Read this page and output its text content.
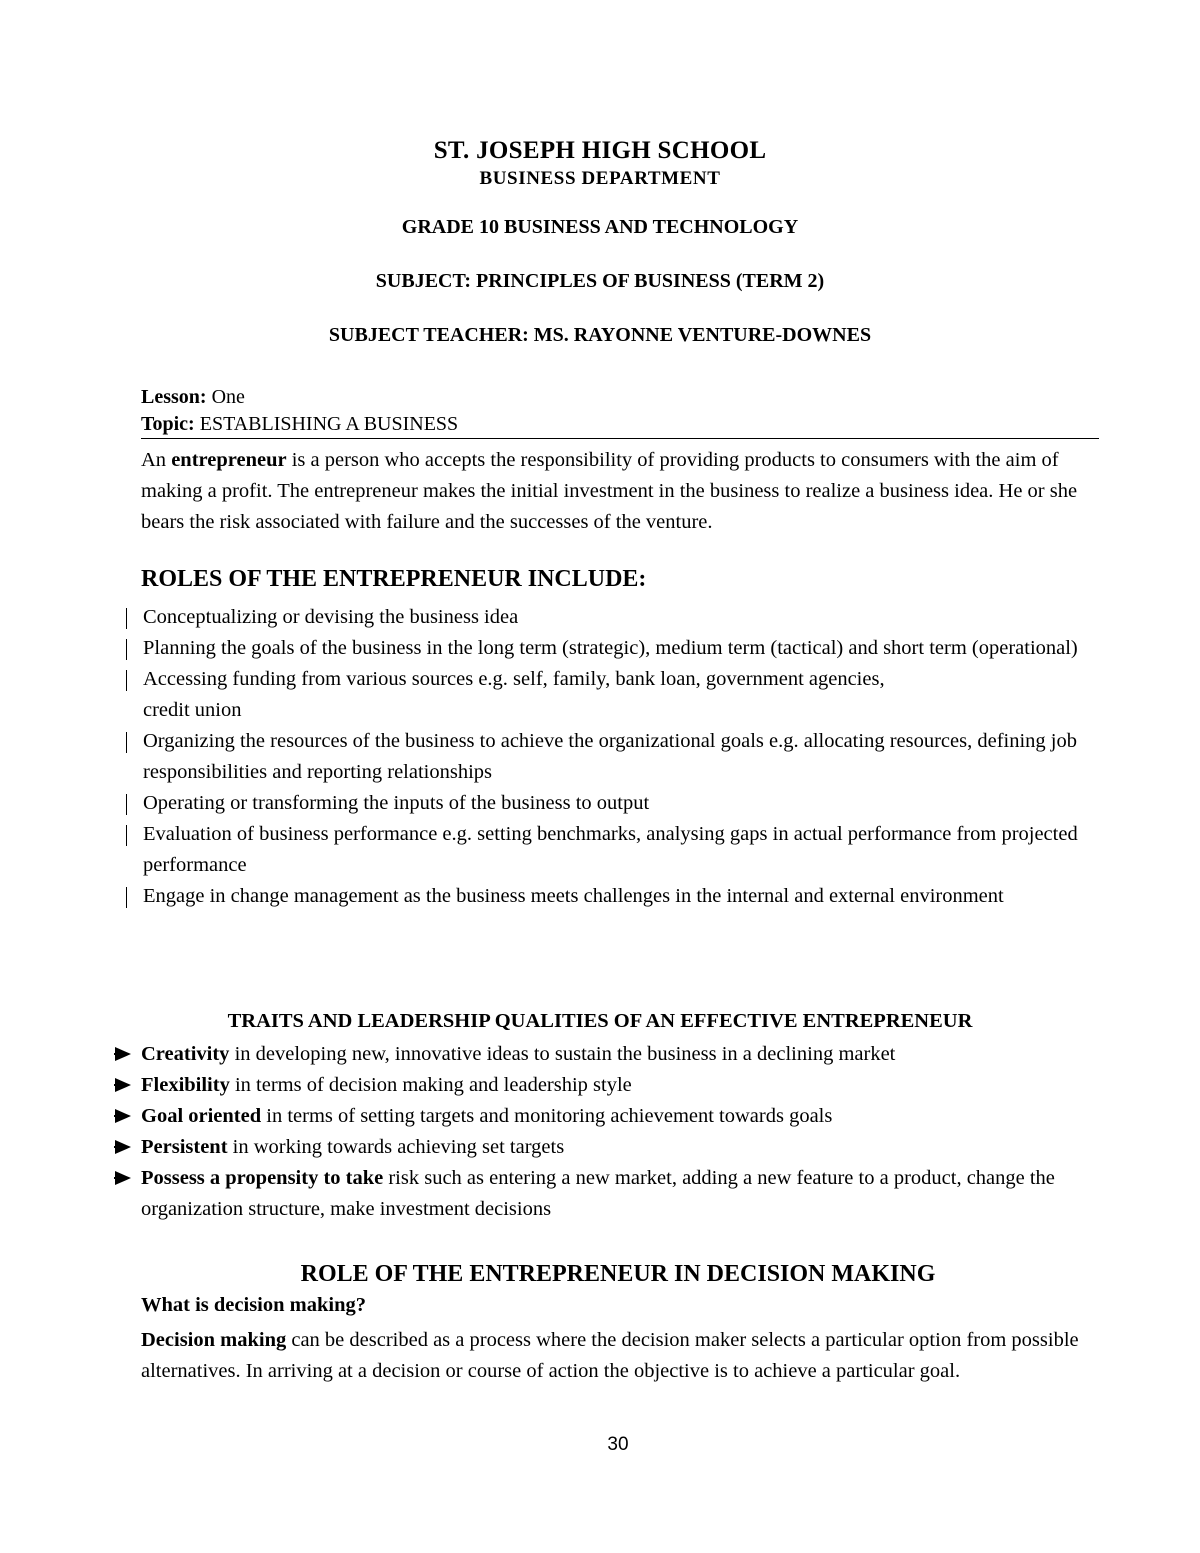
ST. JOSEPH HIGH SCHOOL
BUSINESS DEPARTMENT
GRADE 10 BUSINESS AND TECHNOLOGY
SUBJECT: PRINCIPLES OF BUSINESS (TERM 2)
SUBJECT TEACHER: MS. RAYONNE VENTURE-DOWNES
Lesson: One
Topic: ESTABLISHING A BUSINESS
An entrepreneur is a person who accepts the responsibility of providing products to consumers with the aim of making a profit. The entrepreneur makes the initial investment in the business to realize a business idea. He or she bears the risk associated with failure and the successes of the venture.
ROLES OF THE ENTREPRENEUR INCLUDE:
Conceptualizing or devising the business idea
Planning the goals of the business in the long term (strategic), medium term (tactical) and short term (operational)
Accessing funding from various sources e.g. self, family, bank loan, government agencies,
credit union
Organizing the resources of the business to achieve the organizational goals e.g. allocating resources, defining job responsibilities and reporting relationships
Operating or transforming the inputs of the business to output
Evaluation of business performance e.g. setting benchmarks, analysing gaps in actual performance from projected performance
Engage in change management as the business meets challenges in the internal and external environment
TRAITS AND LEADERSHIP QUALITIES OF AN EFFECTIVE ENTREPRENEUR
Creativity in developing new, innovative ideas to sustain the business in a declining market
Flexibility in terms of decision making and leadership style
Goal oriented in terms of setting targets and monitoring achievement towards goals
Persistent in working towards achieving set targets
Possess a propensity to take risk such as entering a new market, adding a new feature to a product, change the organization structure, make investment decisions
ROLE OF THE ENTREPRENEUR IN DECISION MAKING
What is decision making?
Decision making can be described as a process where the decision maker selects a particular option from possible alternatives. In arriving at a decision or course of action the objective is to achieve a particular goal.
30
